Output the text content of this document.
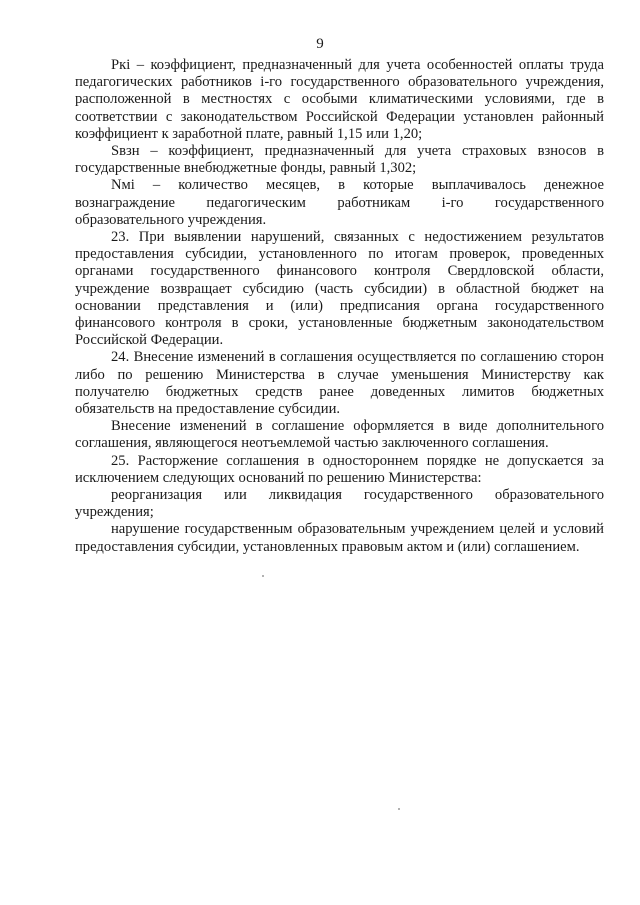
9

Pкi – коэффициент, предназначенный для учета особенностей оплаты труда педагогических работников i-го государственного образовательного учреждения, расположенной в местностях с особыми климатическими условиями, где в соответствии с законодательством Российской Федерации установлен районный коэффициент к заработной плате, равный 1,15 или 1,20;

Sвзн – коэффициент, предназначенный для учета страховых взносов в государственные внебюджетные фонды, равный 1,302;

Nмi – количество месяцев, в которые выплачивалось денежное вознаграждение педагогическим работникам i-го государственного образовательного учреждения.

23. При выявлении нарушений, связанных с недостижением результатов предоставления субсидии, установленного по итогам проверок, проведенных органами государственного финансового контроля Свердловской области, учреждение возвращает субсидию (часть субсидии) в областной бюджет на основании представления и (или) предписания органа государственного финансового контроля в сроки, установленные бюджетным законодательством Российской Федерации.

24. Внесение изменений в соглашения осуществляется по соглашению сторон либо по решению Министерства в случае уменьшения Министерству как получателю бюджетных средств ранее доведенных лимитов бюджетных обязательств на предоставление субсидии.

Внесение изменений в соглашение оформляется в виде дополнительного соглашения, являющегося неотъемлемой частью заключенного соглашения.

25. Расторжение соглашения в одностороннем порядке не допускается за исключением следующих оснований по решению Министерства:

реорганизация или ликвидация государственного образовательного учреждения;

нарушение государственным образовательным учреждением целей и условий предоставления субсидии, установленных правовым актом и (или) соглашением.
